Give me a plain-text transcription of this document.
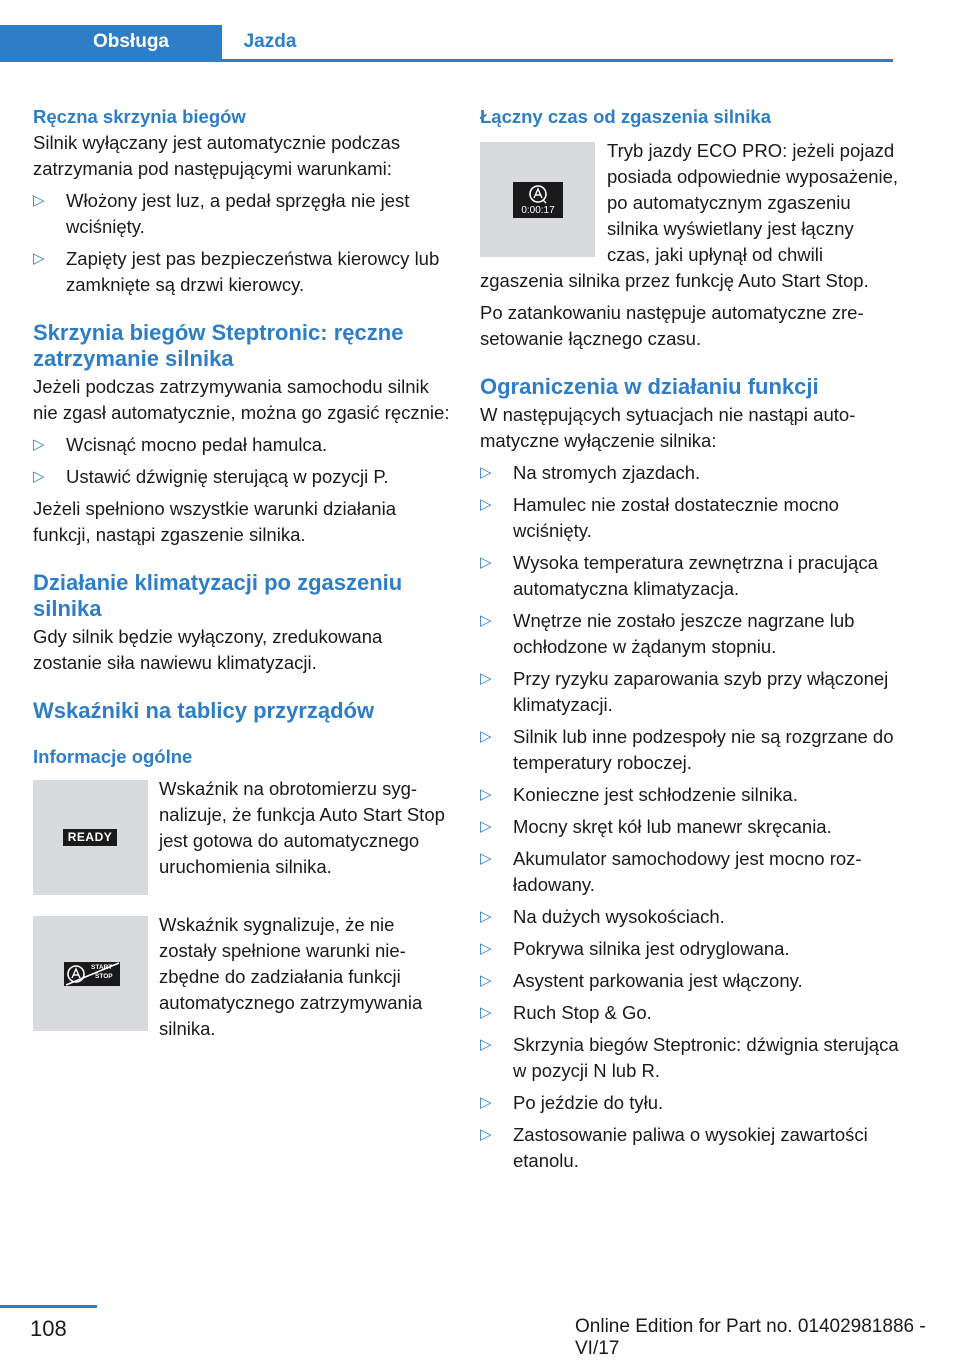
Obsługa	Jazda
Ręczna skrzynia biegów
Silnik wyłączany jest automatycznie podczas zatrzymania pod następującymi warunkami:
▷ Włożony jest luz, a pedał sprzęgła nie jest wciśnięty.
▷ Zapięty jest pas bezpieczeństwa kierowcy lub zamknięte są drzwi kierowcy.
Skrzynia biegów Steptronic: ręczne zatrzymanie silnika
Jeżeli podczas zatrzymywania samochodu silnik nie zgasł automatycznie, można go zgasić ręcznie:
▷ Wcisnąć mocno pedał hamulca.
▷ Ustawić dźwignię sterującą w pozycji P.
Jeżeli spełniono wszystkie warunki działania funkcji, nastąpi zgaszenie silnika.
Działanie klimatyzacji po zgaszeniu silnika
Gdy silnik będzie wyłączony, zredukowana zostanie siła nawiewu klimatyzacji.
Wskaźniki na tablicy przyrządów
Informacje ogólne
READY
Wskaźnik na obrotomierzu sygnalizuje, że funkcja Auto Start Stop jest gotowa do automatycznego uruchomienia silnika.
START
STOP
Wskaźnik sygnalizuje, że nie zostały spełnione warunki niezbędne do zadziałania funkcji automatycznego zatrzymywania silnika.
Łączny czas od zgaszenia silnika
0:00:17
Tryb jazdy ECO PRO: jeżeli pojazd posiada odpowiednie wyposażenie, po automatycznym zgaszeniu silnika wyświetlany jest łączny czas, jaki upłynął od chwili zgaszenia silnika przez funkcję Auto Start Stop.
Po zatankowaniu następuje automatyczne zresetowanie łącznego czasu.
Ograniczenia w działaniu funkcji
W następujących sytuacjach nie nastąpi automatyczne wyłączenie silnika:
▷ Na stromych zjazdach.
▷ Hamulec nie został dostatecznie mocno wciśnięty.
▷ Wysoka temperatura zewnętrzna i pracująca automatyczna klimatyzacja.
▷ Wnętrze nie zostało jeszcze nagrzane lub ochłodzone w żądanym stopniu.
▷ Przy ryzyku zaparowania szyb przy włączonej klimatyzacji.
▷ Silnik lub inne podzespoły nie są rozgrzane do temperatury roboczej.
▷ Konieczne jest schłodzenie silnika.
▷ Mocny skręt kół lub manewr skręcania.
▷ Akumulator samochodowy jest mocno rozładowany.
▷ Na dużych wysokościach.
▷ Pokrywa silnika jest odryglowana.
▷ Asystent parkowania jest włączony.
▷ Ruch Stop & Go.
▷ Skrzynia biegów Steptronic: dźwignia sterująca w pozycji N lub R.
▷ Po jeździe do tyłu.
▷ Zastosowanie paliwa o wysokiej zawartości etanolu.
108	Online Edition for Part no. 01402981886 - VI/17
